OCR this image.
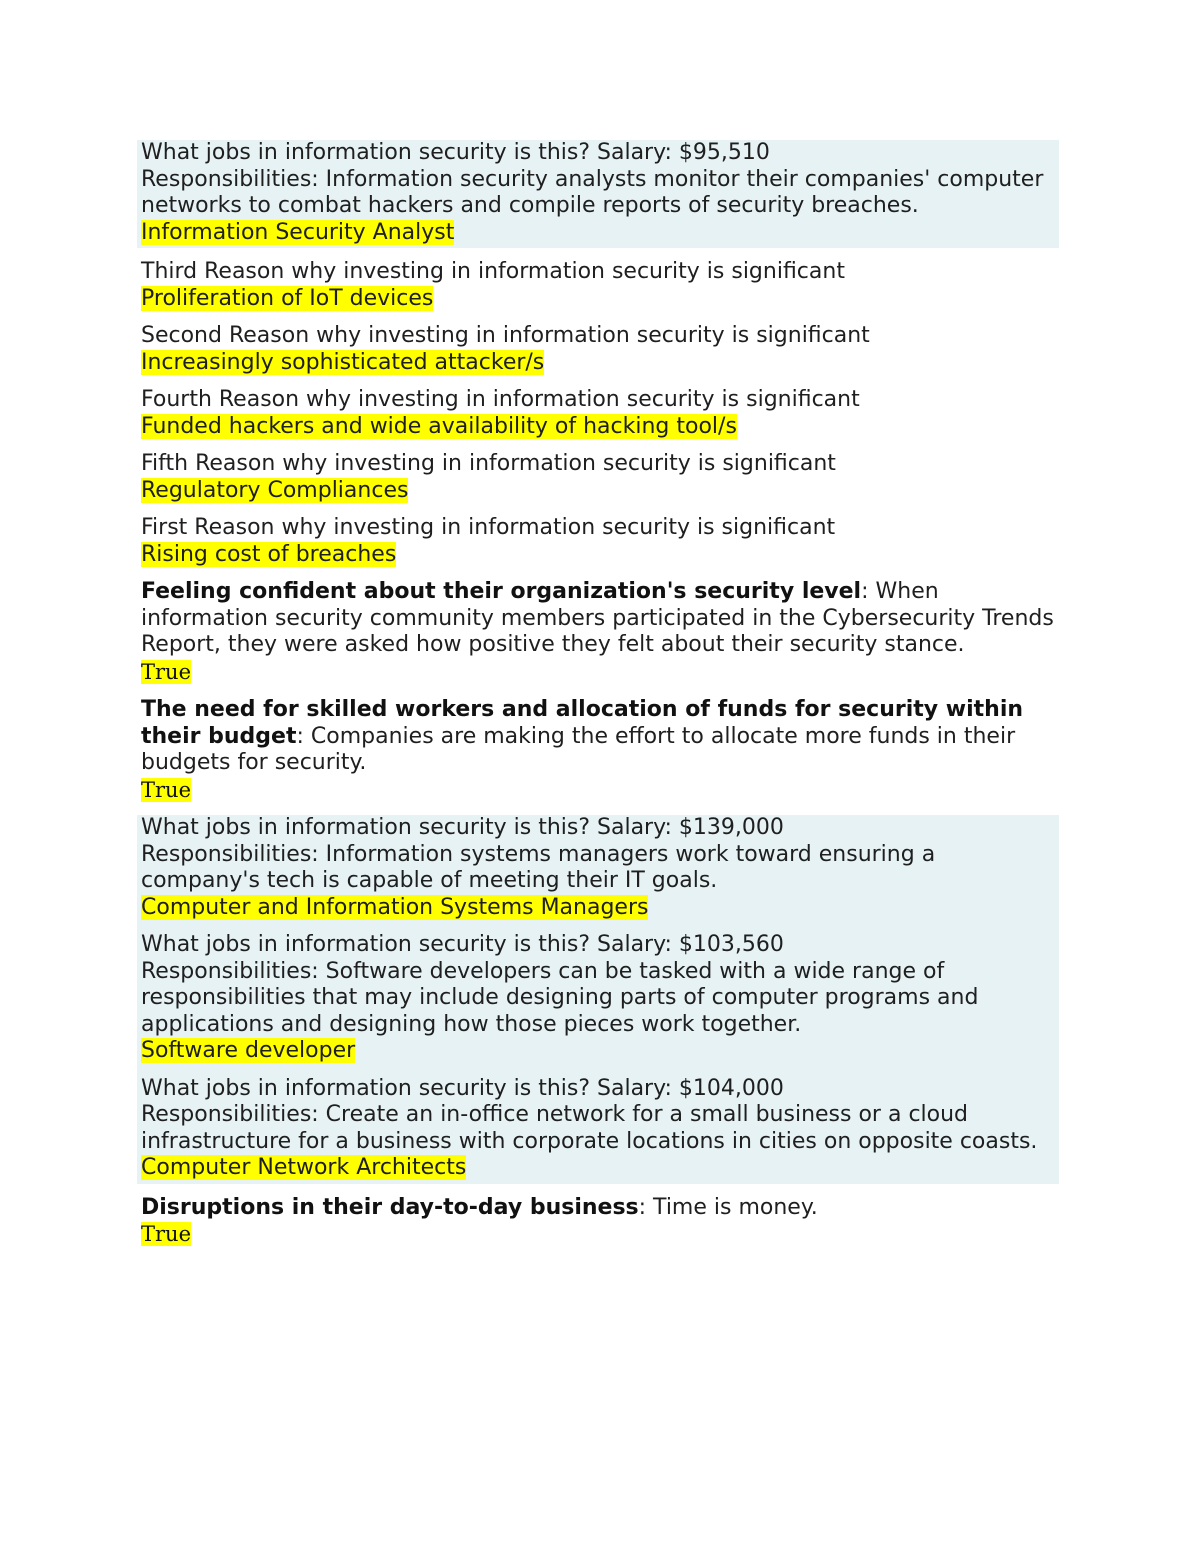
What jobs in information security is this? Salary: $95,510
Responsibilities: Information security analysts monitor their companies' computer networks to combat hackers and compile reports of security breaches.
Information Security Analyst
Third Reason why investing in information security is significant
Proliferation of IoT devices
Second Reason why investing in information security is significant
Increasingly sophisticated attacker/s
Fourth Reason why investing in information security is significant
Funded hackers and wide availability of hacking tool/s
Fifth Reason why investing in information security is significant
Regulatory Compliances
First Reason why investing in information security is significant
Rising cost of breaches
Feeling confident about their organization's security level: When information security community members participated in the Cybersecurity Trends Report, they were asked how positive they felt about their security stance.
True
The need for skilled workers and allocation of funds for security within their budget: Companies are making the effort to allocate more funds in their budgets for security.
True
What jobs in information security is this? Salary: $139,000
Responsibilities: Information systems managers work toward ensuring a company's tech is capable of meeting their IT goals.
Computer and Information Systems Managers
What jobs in information security is this? Salary: $103,560
Responsibilities: Software developers can be tasked with a wide range of responsibilities that may include designing parts of computer programs and applications and designing how those pieces work together.
Software developer
What jobs in information security is this? Salary: $104,000
Responsibilities: Create an in-office network for a small business or a cloud infrastructure for a business with corporate locations in cities on opposite coasts.
Computer Network Architects
Disruptions in their day-to-day business: Time is money.
True
